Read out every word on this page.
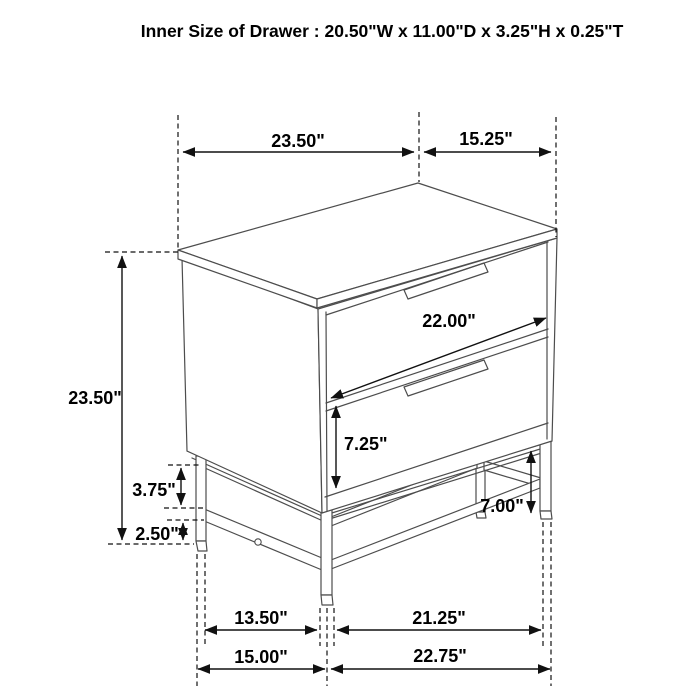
23.50"	15.25"
23.50"
3.75"
2.50"
7.25"
22.00"
7.00"
13.50"	21.25"
15.00"	22.75"
Inner Size of Drawer : 20.50"W x 11.00"D x 3.25"H x 0.25"T
